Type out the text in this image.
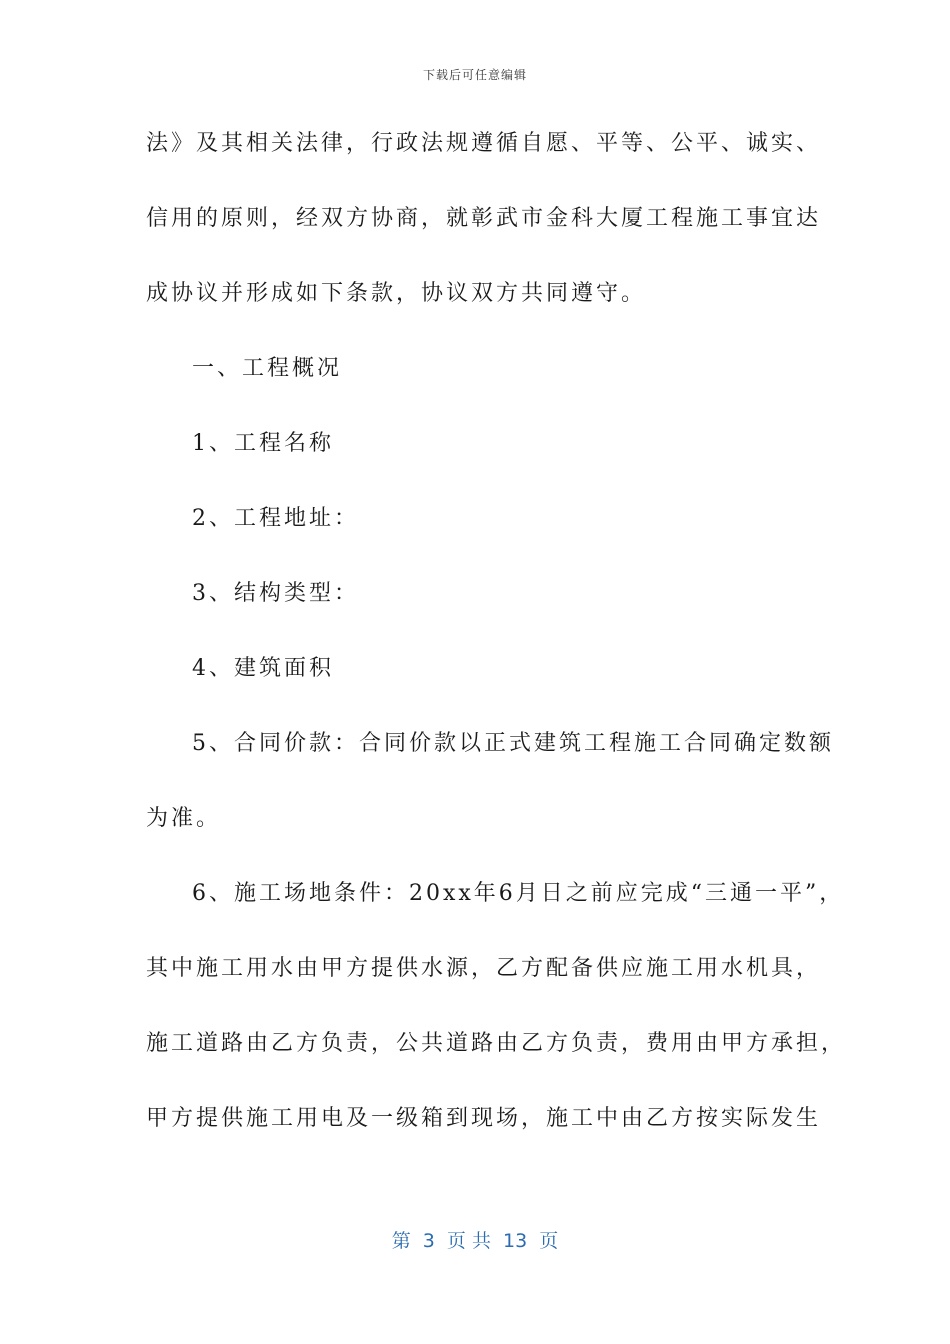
下载后可任意编辑
法》及其相关法律，行政法规遵循自愿、平等、公平、诚实、
信用的原则，经双方协商，就彰武市金科大厦工程施工事宜达
成协议并形成如下条款，协议双方共同遵守。
一、工程概况
1、工程名称
2、工程地址：
3、结构类型：
4、建筑面积
5、合同价款：合同价款以正式建筑工程施工合同确定数额
为准。
6、施工场地条件：20xx年6月日之前应完成“三通一平”，
其中施工用水由甲方提供水源，乙方配备供应施工用水机具，
施工道路由乙方负责，公共道路由乙方负责，费用由甲方承担，
甲方提供施工用电及一级箱到现场，施工中由乙方按实际发生
第  3  页 共  13  页
